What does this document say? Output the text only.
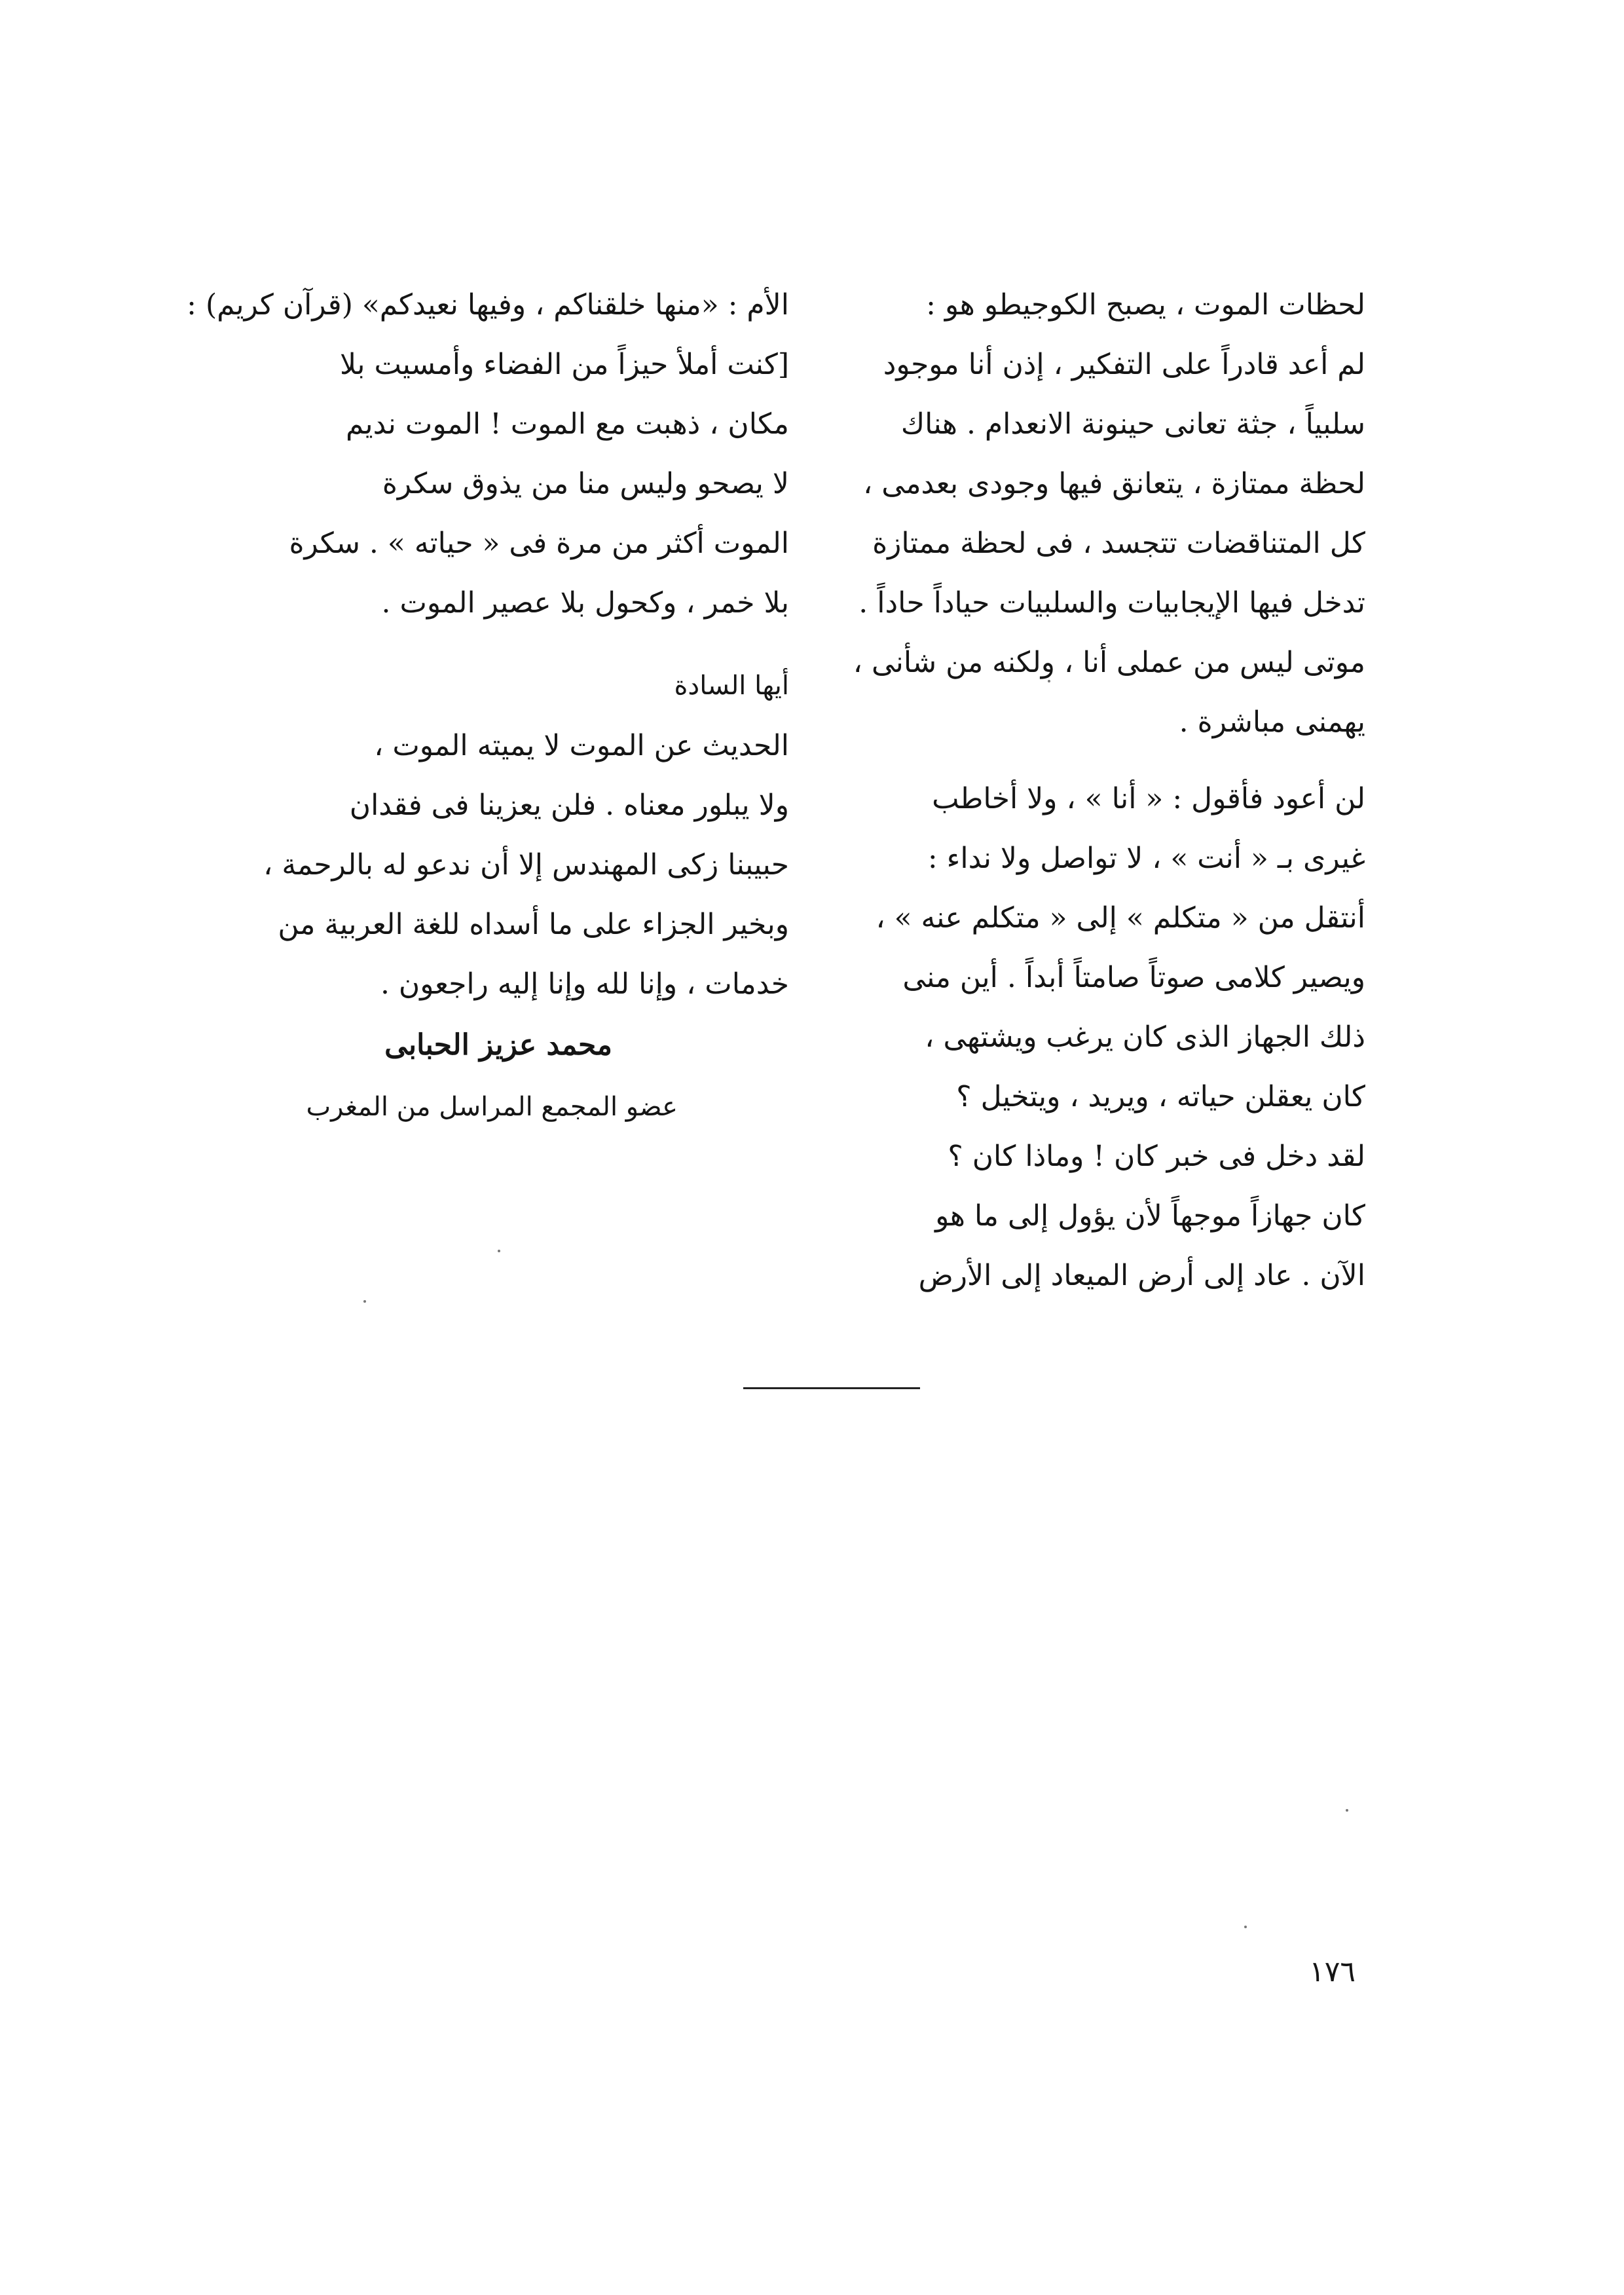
لحظات الموت ، يصبح الكوجيطو هو :
لم أعد قادراً على التفكير ، إذن أنا موجود
سلبياً ، جثة تعانى حينونة الانعدام . هناك
لحظة ممتازة ، يتعانق فيها وجودى بعدمى ،
كل المتناقضات تتجسد ، فى لحظة ممتازة
تدخل فيها الإيجابيات والسلبيات حياداً حاداً .
موتى ليس من عملى أنا ، ولكنه من شأنى ،
يهمنى مباشرة .
لن أعود فأقول : « أنا » ، ولا أخاطب
غيرى بـ « أنت » ، لا تواصل ولا نداء :
أنتقل من « متكلم » إلى « متكلم عنه » ،
ويصير كلامى صوتاً صامتاً أبداً . أين منى
ذلك الجهاز الذى كان يرغب ويشتهى ،
كان يعقلن حياته ، ويريد ، ويتخيل ؟
لقد دخل فى خبر كان ! وماذا كان ؟
كان جهازاً موجهاً لأن يؤول إلى ما هو
الآن . عاد إلى أرض الميعاد إلى الأرض
الأم : «منها خلقناكم ، وفيها نعيدكم» (قرآن كريم) :
[كنت أملأ حيزاً من الفضاء وأمسيت بلا
مكان ، ذهبت مع الموت ! الموت نديم
لا يصحو وليس منا من يذوق سكرة
الموت أكثر من مرة فى « حياته » . سكرة
بلا خمر ، وكحول بلا عصير الموت .
أيها السادة
الحديث عن الموت لا يميته الموت ،
ولا يبلور معناه . فلن يعزينا فى فقدان
حبيبنا زكى المهندس إلا أن ندعو له بالرحمة ،
وبخير الجزاء على ما أسداه للغة العربية من
خدمات ، وإنا لله وإنا إليه راجعون .
محمد عزيز الحبابى
عضو المجمع المراسل من المغرب
١٧٦
